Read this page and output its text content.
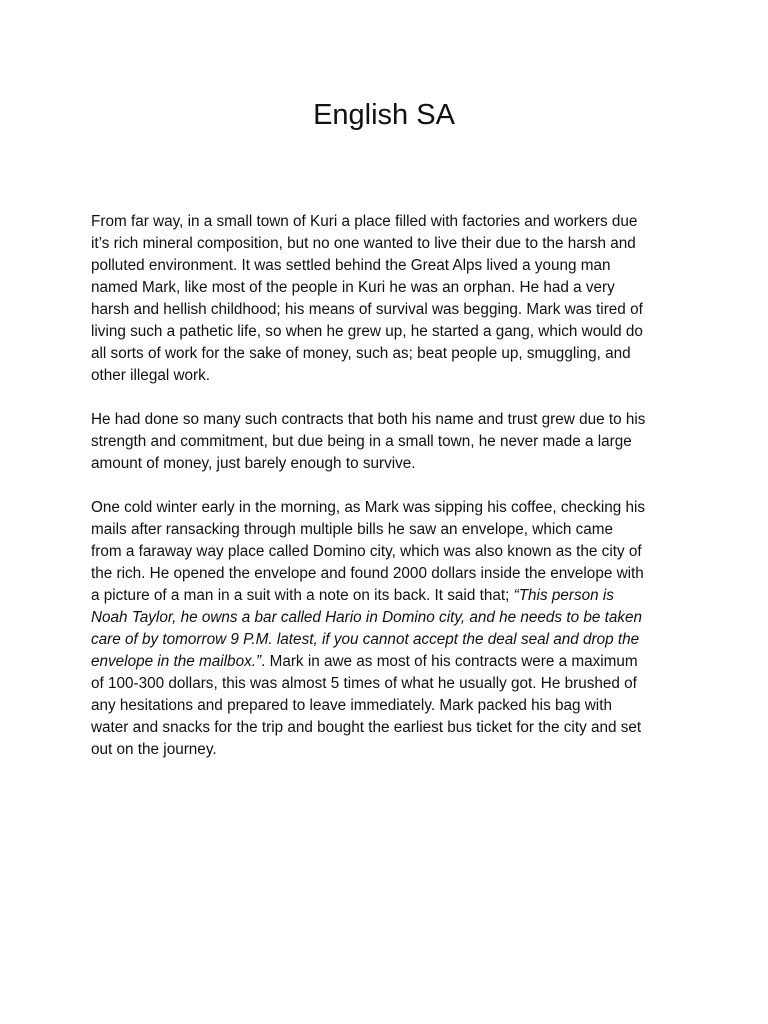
English SA

From far way, in a small town of Kuri a place filled with factories and workers due
it’s rich mineral composition, but no one wanted to live their due to the harsh and
polluted environment. It was settled behind the Great Alps lived a young man
named Mark, like most of the people in Kuri he was an orphan. He had a very
harsh and hellish childhood; his means of survival was begging. Mark was tired of
living such a pathetic life, so when he grew up, he started a gang, which would do
all sorts of work for the sake of money, such as; beat people up, smuggling, and
other illegal work.

He had done so many such contracts that both his name and trust grew due to his
strength and commitment, but due being in a small town, he never made a large
amount of money, just barely enough to survive.

One cold winter early in the morning, as Mark was sipping his coffee, checking his
mails after ransacking through multiple bills he saw an envelope, which came
from a faraway way place called Domino city, which was also known as the city of
the rich. He opened the envelope and found 2000 dollars inside the envelope with
a picture of a man in a suit with a note on its back. It said that; “This person is
Noah Taylor, he owns a bar called Hario in Domino city, and he needs to be taken
care of by tomorrow 9 P.M. latest, if you cannot accept the deal seal and drop the
envelope in the mailbox.”. Mark in awe as most of his contracts were a maximum
of 100-300 dollars, this was almost 5 times of what he usually got. He brushed of
any hesitations and prepared to leave immediately. Mark packed his bag with
water and snacks for the trip and bought the earliest bus ticket for the city and set
out on the journey.
